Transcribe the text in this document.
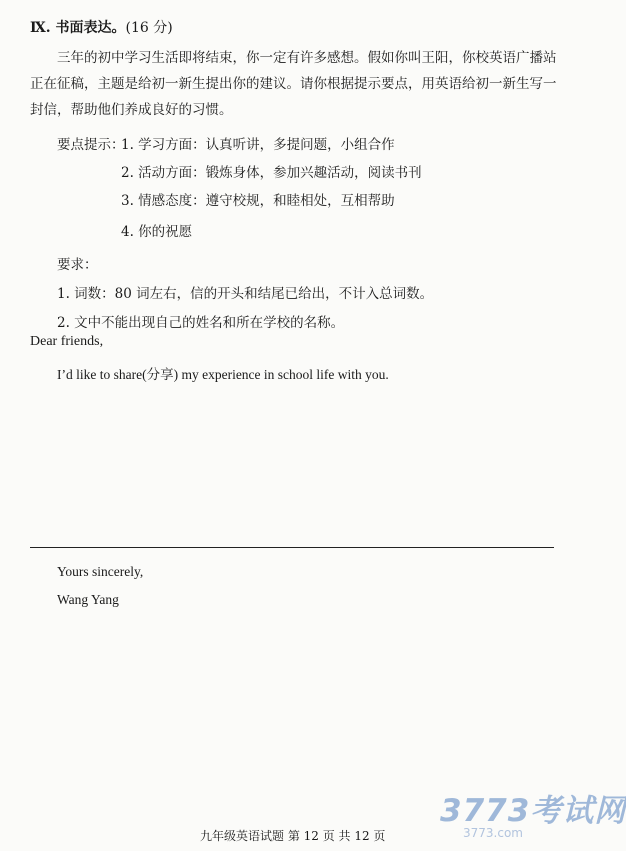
Ⅸ. 书面表达。(16 分)

三年的初中学习生活即将结束，你一定有许多感想。假如你叫王阳，你校英语广播站

正在征稿，主题是给初一新生提出你的建议。请你根据提示要点，用英语给初一新生写一

封信，帮助他们养成良好的习惯。

要点提示：
1. 学习方面：认真听讲，多提问题，小组合作
2. 活动方面：锻炼身体，参加兴趣活动，阅读书刊
3. 情感态度：遵守校规，和睦相处，互相帮助
4. 你的祝愿
要求：
1. 词数：80 词左右，信的开头和结尾已给出，不计入总词数。
2. 文中不能出现自己的姓名和所在学校的名称。
Dear friends,
I’d like to share(分享) my experience in school life with you.
Yours sincerely,
Wang Yang
九年级英语试题 第 12 页 共 12 页
3773考试网
3773.com
